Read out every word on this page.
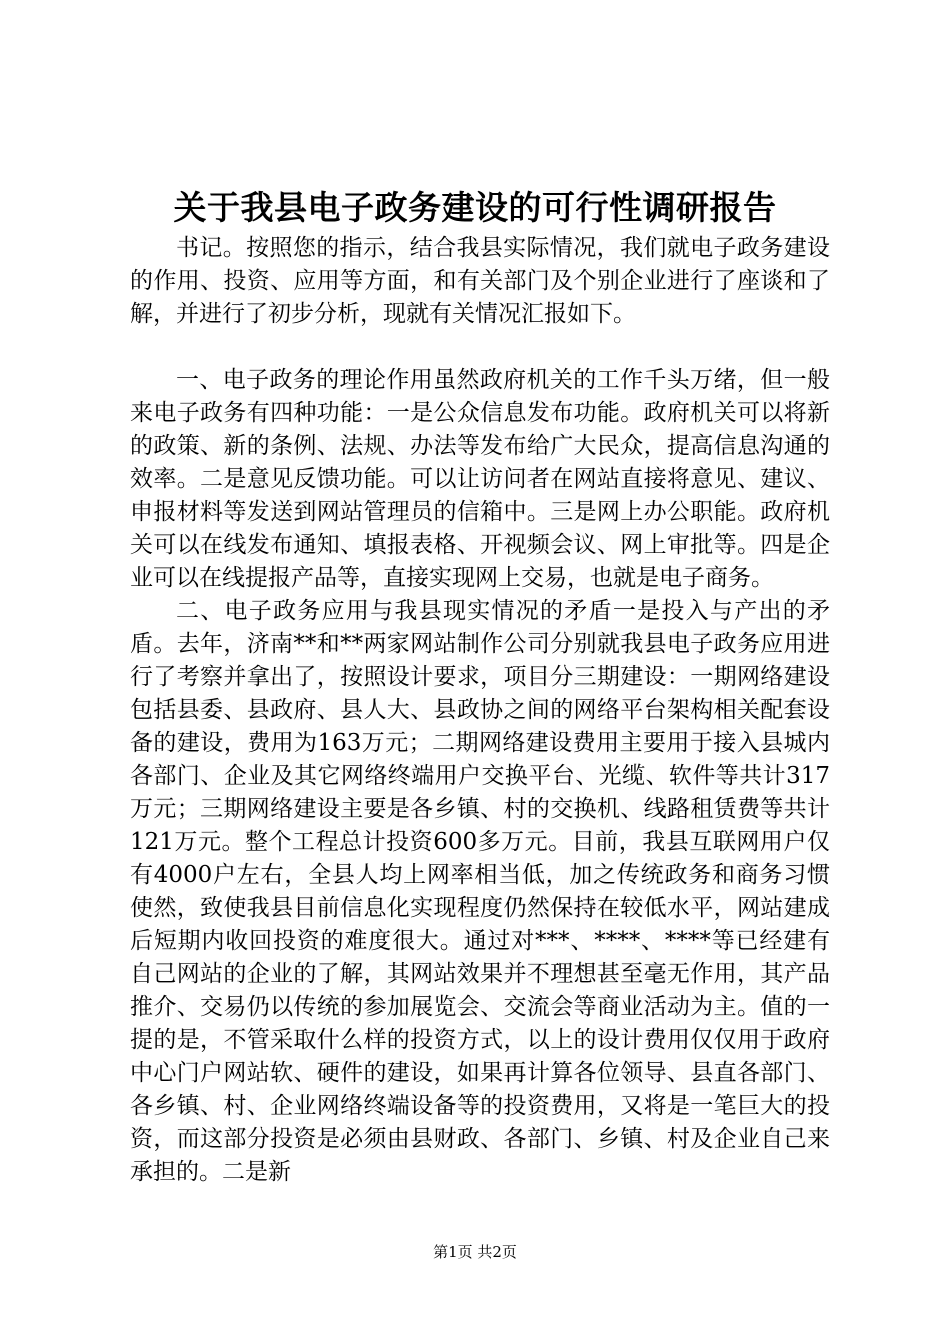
关于我县电子政务建设的可行性调研报告

书记。按照您的指示，结合我县实际情况，我们就电子政务建设的作用、投资、应用等方面，和有关部门及个别企业进行了座谈和了解，并进行了初步分析，现就有关情况汇报如下。

一、电子政务的理论作用虽然政府机关的工作千头万绪，但一般来电子政务有四种功能：一是公众信息发布功能。政府机关可以将新的政策、新的条例、法规、办法等发布给广大民众，提高信息沟通的效率。二是意见反馈功能。可以让访问者在网站直接将意见、建议、申报材料等发送到网站管理员的信箱中。三是网上办公职能。政府机关可以在线发布通知、填报表格、开视频会议、网上审批等。四是企业可以在线提报产品等，直接实现网上交易，也就是电子商务。

二、电子政务应用与我县现实情况的矛盾一是投入与产出的矛盾。去年，济南**和**两家网站制作公司分别就我县电子政务应用进行了考察并拿出了，按照设计要求，项目分三期建设：一期网络建设包括县委、县政府、县人大、县政协之间的网络平台架构相关配套设备的建设，费用为163万元；二期网络建设费用主要用于接入县城内各部门、企业及其它网络终端用户交换平台、光缆、软件等共计317万元；三期网络建设主要是各乡镇、村的交换机、线路租赁费等共计121万元。整个工程总计投资600多万元。目前，我县互联网用户仅有4000户左右，全县人均上网率相当低，加之传统政务和商务习惯使然，致使我县目前信息化实现程度仍然保持在较低水平，网站建成后短期内收回投资的难度很大。通过对***、****、****等已经建有自己网站的企业的了解，其网站效果并不理想甚至毫无作用，其产品推介、交易仍以传统的参加展览会、交流会等商业活动为主。值的一提的是，不管采取什么样的投资方式，以上的设计费用仅仅用于政府中心门户网站软、硬件的建设，如果再计算各位领导、县直各部门、各乡镇、村、企业网络终端设备等的投资费用，又将是一笔巨大的投资，而这部分投资是必须由县财政、各部门、乡镇、村及企业自己来承担的。二是新

第1页 共2页
